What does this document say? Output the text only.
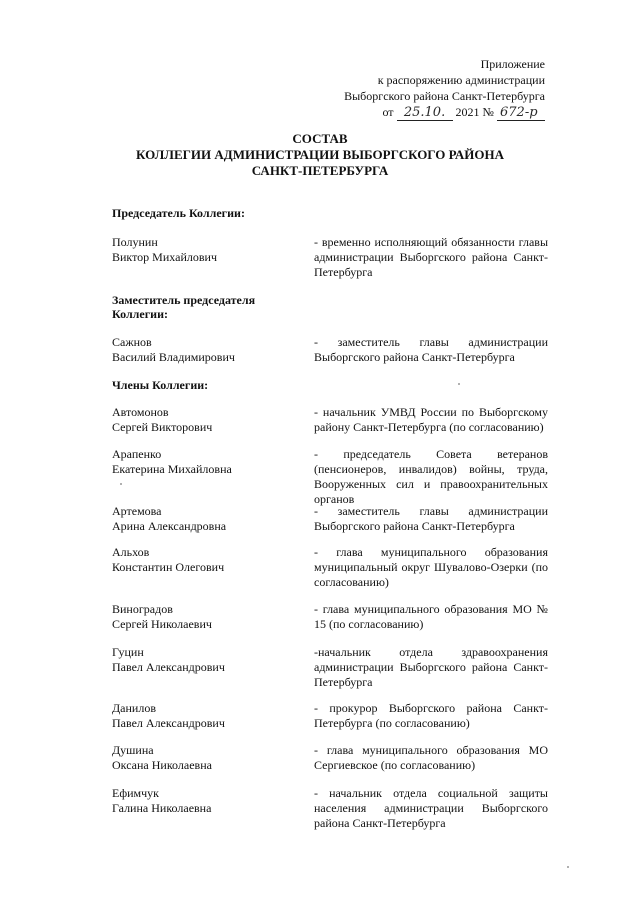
Приложение
к распоряжению администрации
Выборгского района Санкт-Петербурга
от 25.10. 2021 № 672-р
СОСТАВ
КОЛЛЕГИИ АДМИНИСТРАЦИИ ВЫБОРГСКОГО РАЙОНА
САНКТ-ПЕТЕРБУРГА
Председатель Коллегии:
Полунин
Виктор Михайлович
- временно исполняющий обязанности главы администрации Выборгского района Санкт-Петербурга
Заместитель председателя
Коллегии:
Сажнов
Василий Владимирович
- заместитель главы администрации Выборгского района Санкт-Петербурга
Члены Коллегии:
Автомонов
Сергей Викторович
- начальник УМВД России по Выборгскому району Санкт-Петербурга (по согласованию)
Арапенко
Екатерина Михайловна
- председатель Совета ветеранов (пенсионеров, инвалидов) войны, труда, Вооруженных сил и правоохранительных органов
Артемова
Арина Александровна
- заместитель главы администрации Выборгского района Санкт-Петербурга
Альхов
Константин Олегович
- глава муниципального образования муниципальный округ Шувалово-Озерки (по согласованию)
Виноградов
Сергей Николаевич
- глава муниципального образования МО № 15 (по согласованию)
Гуцин
Павел Александрович
-начальник отдела здравоохранения администрации Выборгского района Санкт-Петербурга
Данилов
Павел Александрович
- прокурор Выборгского района Санкт-Петербурга (по согласованию)
Душина
Оксана Николаевна
- глава муниципального образования МО Сергиевское (по согласованию)
Ефимчук
Галина Николаевна
- начальник отдела социальной защиты населения администрации Выборгского района Санкт-Петербурга
